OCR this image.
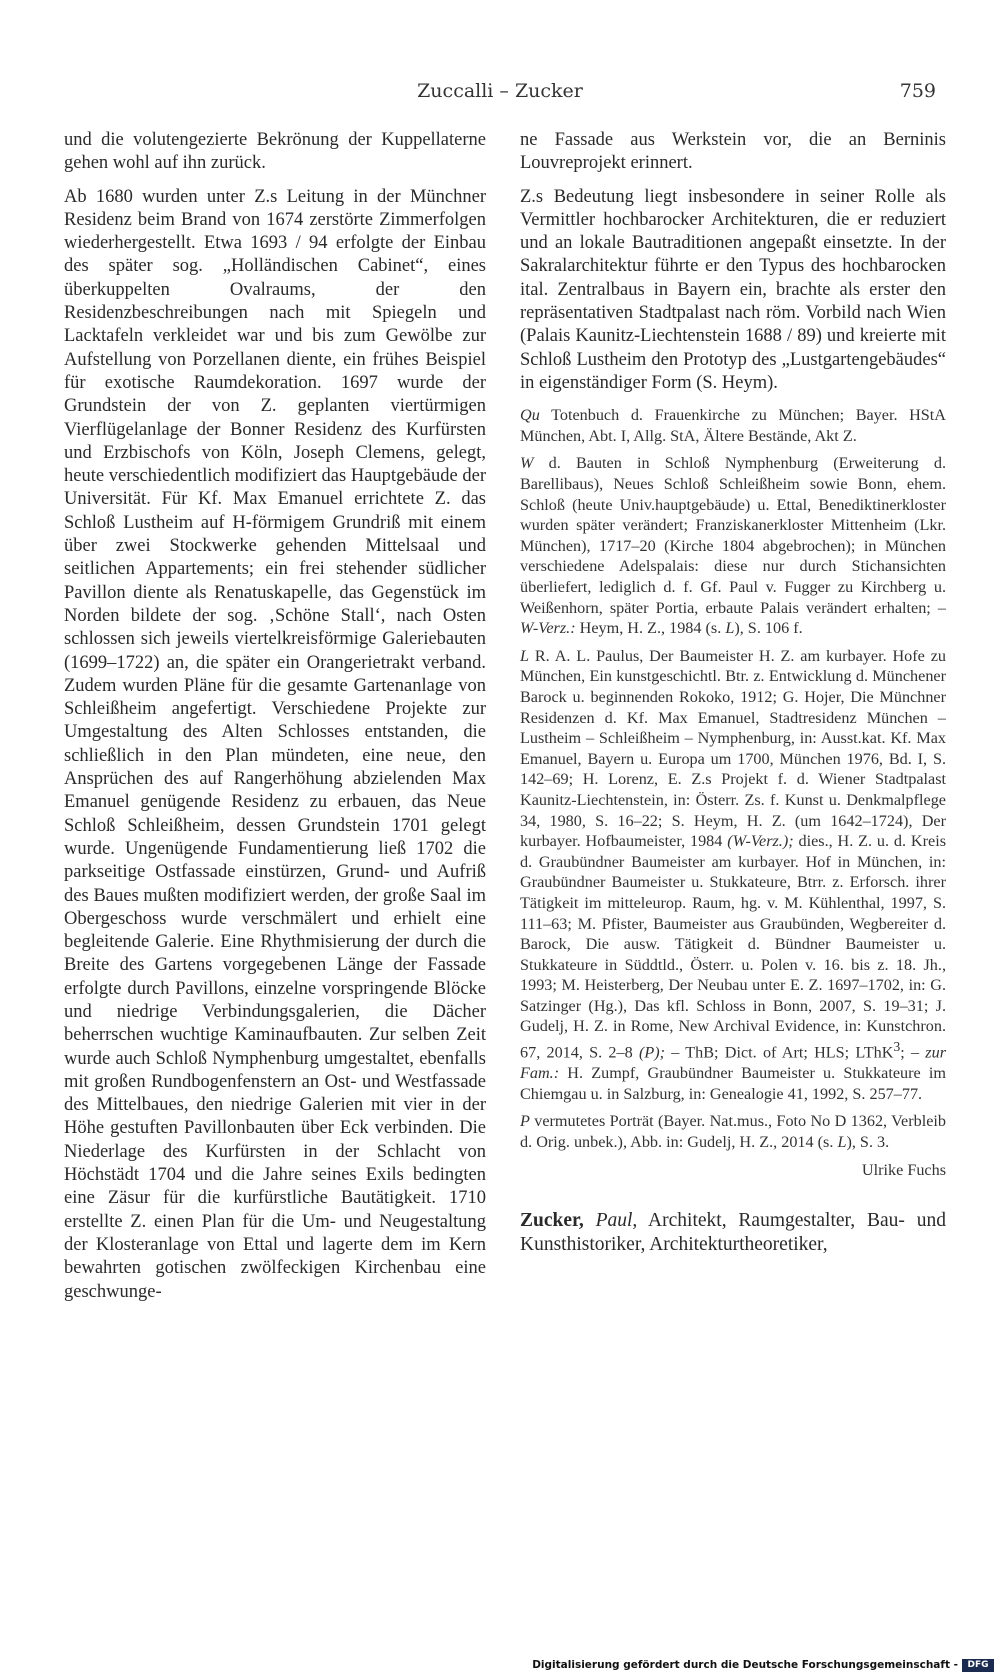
Zuccalli – Zucker	759

und die volutengezierte Bekrönung der Kuppellaterne gehen wohl auf ihn zurück.

Ab 1680 wurden unter Z.s Leitung in der Münchner Residenz beim Brand von 1674 zerstörte Zimmerfolgen wiederhergestellt. Etwa 1693 / 94 erfolgte der Einbau des später sog. „Holländischen Cabinet“, eines überkuppelten Ovalraums, der den Residenzbeschreibungen nach mit Spiegeln und Lacktafeln verkleidet war und bis zum Gewölbe zur Aufstellung von Porzellanen diente, ein frühes Beispiel für exotische Raumdekoration. 1697 wurde der Grundstein der von Z. geplanten viertürmigen Vierflügelanlage der Bonner Residenz des Kurfürsten und Erzbischofs von Köln, Joseph Clemens, gelegt, heute verschiedentlich modifiziert das Hauptgebäude der Universität. Für Kf. Max Emanuel errichtete Z. das Schloß Lustheim auf H-förmigem Grundriß mit einem über zwei Stockwerke gehenden Mittelsaal und seitlichen Appartements; ein frei stehender südlicher Pavillon diente als Renatuskapelle, das Gegenstück im Norden bildete der sog. ‚Schöne Stall‘, nach Osten schlossen sich jeweils viertelkreisförmige Galeriebauten (1699–1722) an, die später ein Orangerietrakt verband. Zudem wurden Pläne für die gesamte Gartenanlage von Schleißheim angefertigt. Verschiedene Projekte zur Umgestaltung des Alten Schlosses entstanden, die schließlich in den Plan mündeten, eine neue, den Ansprüchen des auf Rangerhöhung abzielenden Max Emanuel genügende Residenz zu erbauen, das Neue Schloß Schleißheim, dessen Grundstein 1701 gelegt wurde. Ungenügende Fundamentierung ließ 1702 die parkseitige Ostfassade einstürzen, Grund- und Aufriß des Baues mußten modifiziert werden, der große Saal im Obergeschoss wurde verschmälert und erhielt eine begleitende Galerie. Eine Rhythmisierung der durch die Breite des Gartens vorgegebenen Länge der Fassade erfolgte durch Pavillons, einzelne vorspringende Blöcke und niedrige Verbindungsgalerien, die Dächer beherrschen wuchtige Kaminaufbauten. Zur selben Zeit wurde auch Schloß Nymphenburg umgestaltet, ebenfalls mit großen Rundbogenfenstern an Ost- und Westfassade des Mittelbaues, den niedrige Galerien mit vier in der Höhe gestuften Pavillonbauten über Eck verbinden. Die Niederlage des Kurfürsten in der Schlacht von Höchstädt 1704 und die Jahre seines Exils bedingten eine Zäsur für die kurfürstliche Bautätigkeit. 1710 erstellte Z. einen Plan für die Um- und Neugestaltung der Klosteranlage von Ettal und lagerte dem im Kern bewahrten gotischen zwölfeckigen Kirchenbau eine geschwunge-

ne Fassade aus Werkstein vor, die an Berninis Louvreprojekt erinnert.

Z.s Bedeutung liegt insbesondere in seiner Rolle als Vermittler hochbarocker Architekturen, die er reduziert und an lokale Bautraditionen angepaßt einsetzte. In der Sakralarchitektur führte er den Typus des hochbarocken ital. Zentralbaus in Bayern ein, brachte als erster den repräsentativen Stadtpalast nach röm. Vorbild nach Wien (Palais Kaunitz-Liechtenstein 1688 / 89) und kreierte mit Schloß Lustheim den Prototyp des „Lustgartengebäudes“ in eigenständiger Form (S. Heym).

Qu Totenbuch d. Frauenkirche zu München; Bayer. HStA München, Abt. I, Allg. StA, Ältere Bestände, Akt Z.

W d. Bauten in Schloß Nymphenburg (Erweiterung d. Barellibaus), Neues Schloß Schleißheim sowie Bonn, ehem. Schloß (heute Univ.hauptgebäude) u. Ettal, Benediktinerkloster wurden später verändert; Franziskanerkloster Mittenheim (Lkr. München), 1717–20 (Kirche 1804 abgebrochen); in München verschiedene Adelspalais: diese nur durch Stichansichten überliefert, lediglich d. f. Gf. Paul v. Fugger zu Kirchberg u. Weißenhorn, später Portia, erbaute Palais verändert erhalten; – W-Verz.: Heym, H. Z., 1984 (s. L), S. 106 f.

L R. A. L. Paulus, Der Baumeister H. Z. am kurbayer. Hofe zu München, Ein kunstgeschichtl. Btr. z. Entwicklung d. Münchener Barock u. beginnenden Rokoko, 1912; G. Hojer, Die Münchner Residenzen d. Kf. Max Emanuel, Stadtresidenz München – Lustheim – Schleißheim – Nymphenburg, in: Ausst.kat. Kf. Max Emanuel, Bayern u. Europa um 1700, München 1976, Bd. I, S. 142–69; H. Lorenz, E. Z.s Projekt f. d. Wiener Stadtpalast Kaunitz-Liechtenstein, in: Österr. Zs. f. Kunst u. Denkmalpflege 34, 1980, S. 16–22; S. Heym, H. Z. (um 1642–1724), Der kurbayer. Hofbaumeister, 1984 (W-Verz.); dies., H. Z. u. d. Kreis d. Graubündner Baumeister am kurbayer. Hof in München, in: Graubündner Baumeister u. Stukkateure, Btrr. z. Erforsch. ihrer Tätigkeit im mitteleurop. Raum, hg. v. M. Kühlenthal, 1997, S. 111–63; M. Pfister, Baumeister aus Graubünden, Wegbereiter d. Barock, Die ausw. Tätigkeit d. Bündner Baumeister u. Stukkateure in Süddtld., Österr. u. Polen v. 16. bis z. 18. Jh., 1993; M. Heisterberg, Der Neubau unter E. Z. 1697–1702, in: G. Satzinger (Hg.), Das kfl. Schloss in Bonn, 2007, S. 19–31; J. Gudelj, H. Z. in Rome, New Archival Evidence, in: Kunstchron. 67, 2014, S. 2–8 (P); – ThB; Dict. of Art; HLS; LThK$^3$; – zur Fam.: H. Zumpf, Graubündner Baumeister u. Stukkateure im Chiemgau u. in Salzburg, in: Genealogie 41, 1992, S. 257–77.

P vermutetes Porträt (Bayer. Nat.mus., Foto No D 1362, Verbleib d. Orig. unbek.), Abb. in: Gudelj, H. Z., 2014 (s. L), S. 3.

Ulrike Fuchs

Zucker, Paul, Architekt, Raumgestalter, Bau- und Kunsthistoriker, Architekturtheoretiker,

Digitalisierung gefördert durch die Deutsche Forschungsgemeinschaft -	DFG
